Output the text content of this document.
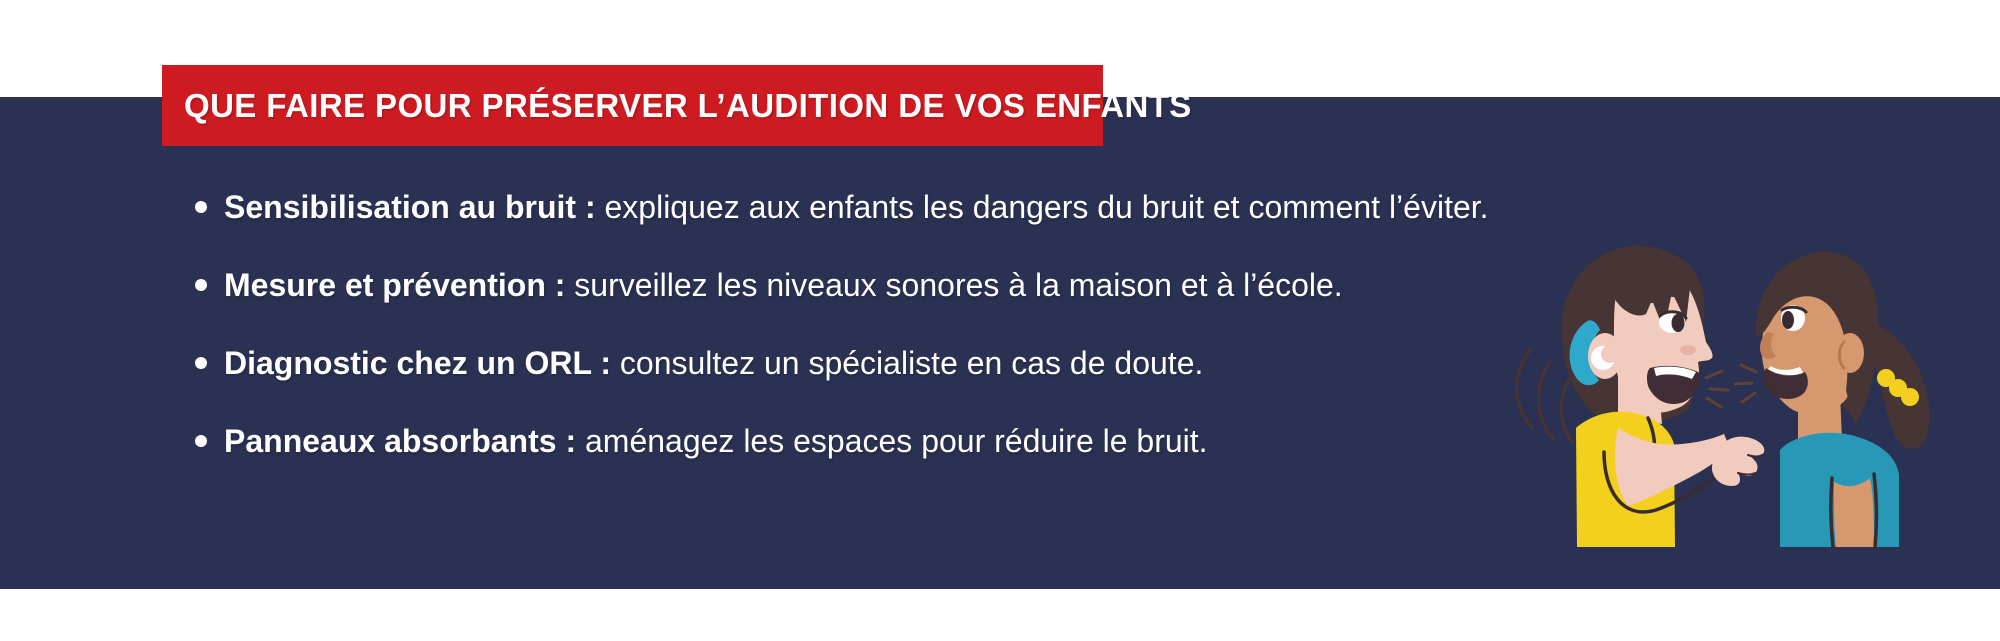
QUE FAIRE POUR PRÉSERVER L’AUDITION DE VOS ENFANTS

Sensibilisation au bruit : expliquez aux enfants les dangers du bruit et comment l’éviter.

Mesure et prévention : surveillez les niveaux sonores à la maison et à l’école.

Diagnostic chez un ORL : consultez un spécialiste en cas de doute.

Panneaux absorbants : aménagez les espaces pour réduire le bruit.
